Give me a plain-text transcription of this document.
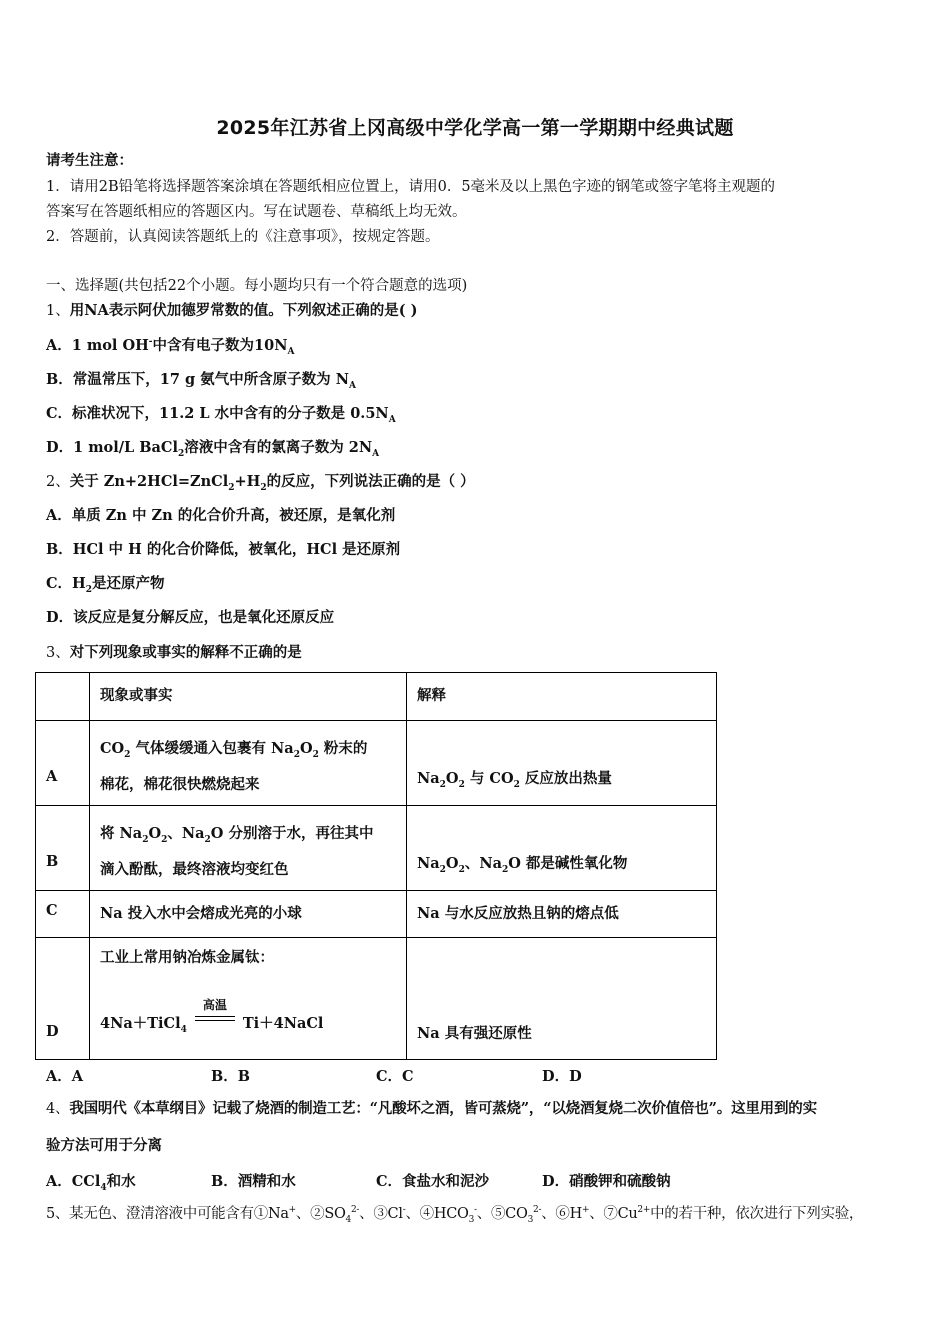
2025年江苏省上冈高级中学化学高一第一学期期中经典试题
请考生注意：
1．请用2B铅笔将选择题答案涂填在答题纸相应位置上，请用0．5毫米及以上黑色字迹的钢笔或签字笔将主观题的
答案写在答题纸相应的答题区内。写在试题卷、草稿纸上均无效。
2．答题前，认真阅读答题纸上的《注意事项》，按规定答题。
一、选择题(共包括22个小题。每小题均只有一个符合题意的选项)
1、用NA表示阿伏加德罗常数的值。下列叙述正确的是( )
A．1 mol OH-中含有电子数为$10N_A$
B．常温常压下，17 g 氨气中所含原子数为 $N_A$
C．标准状况下，11.2 L 水中含有的分子数是 $0.5N_A$
D．1 mol/L BaCl$_2$溶液中含有的氯离子数为 $2N_A$
2、关于 $Zn+2HCl=ZnCl_2+H_2$的反应，下列说法正确的是（ ）
A．单质 Zn 中 Zn 的化合价升高，被还原，是氧化剂
B．HCl 中 H 的化合价降低，被氧化，HCl 是还原剂
C．$H_2$是还原产物
D．该反应是复分解反应，也是氧化还原反应
3、对下列现象或事实的解释不正确的是

	现象或事实	解释

A	$CO_2$ 气体缓缓通入包裹有 $Na_2O_2$ 粉末的
棉花，棉花很快燃烧起来	$Na_2O_2$ 与 $CO_2$ 反应放出热量

B	将 $Na_2O_2$、$Na_2O$ 分别溶于水，再往其中
滴入酚酞，最终溶液均变红色	$Na_2O_2$、$Na_2O$ 都是碱性氧化物

C	Na 投入水中会熔成光亮的小球	Na 与水反应放热且钠的熔点低

D	工业上常用钠冶炼金属钛：
4Na＋TiCl$_4$
高温
Ti＋4NaCl	Na 具有强还原性
A．A	B．B	C．C	D．D
4、我国明代《本草纲目》记载了烧酒的制造工艺：“凡酸坏之酒，皆可蒸烧”，“以烧酒复烧二次价值倍也”。这里用到的实
验方法可用于分离
A．CCl$_4$和水	B．酒精和水	C．食盐水和泥沙	D．硝酸钾和硫酸钠
5、某无色、澄清溶液中可能含有①Na+、$②SO_4^{2-}$、③Cl-、$④HCO_3^-$、$⑤CO_3^{2-}$、⑥H+、$⑦Cu^{2+}$中的若干种，依次进行下列实验，
